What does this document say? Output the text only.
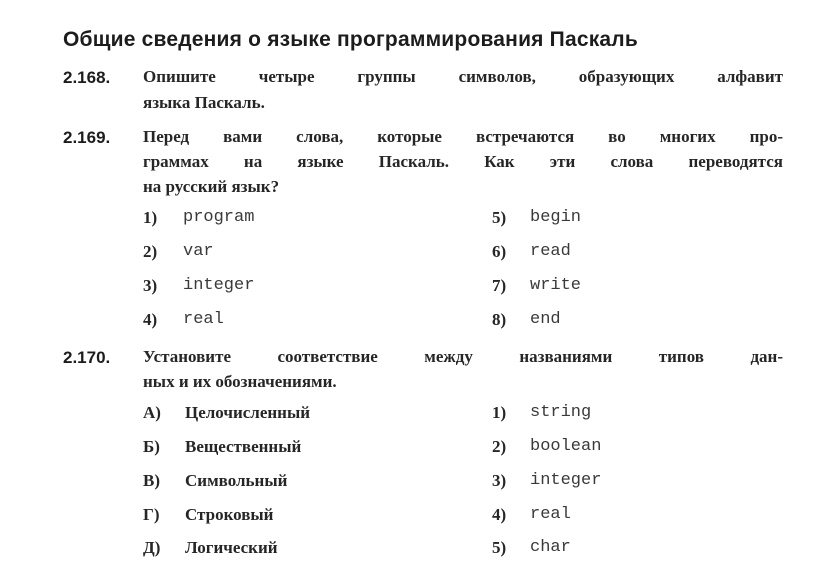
Общие сведения о языке программирования Паскаль
2.168. Опишите четыре группы символов, образующих алфавит
языка Паскаль.
2.169. Перед вами слова, которые встречаются во многих про-
граммах на языке Паскаль. Как эти слова переводятся
на русский язык?
1) program
2) var
3) integer
4) real
5) begin
6) read
7) write
8) end
2.170. Установите соответствие между названиями типов дан-
ных и их обозначениями.
А) Целочисленный
Б) Вещественный
В) Символьный
Г) Строковый
Д) Логический
1) string
2) boolean
3) integer
4) real
5) char
